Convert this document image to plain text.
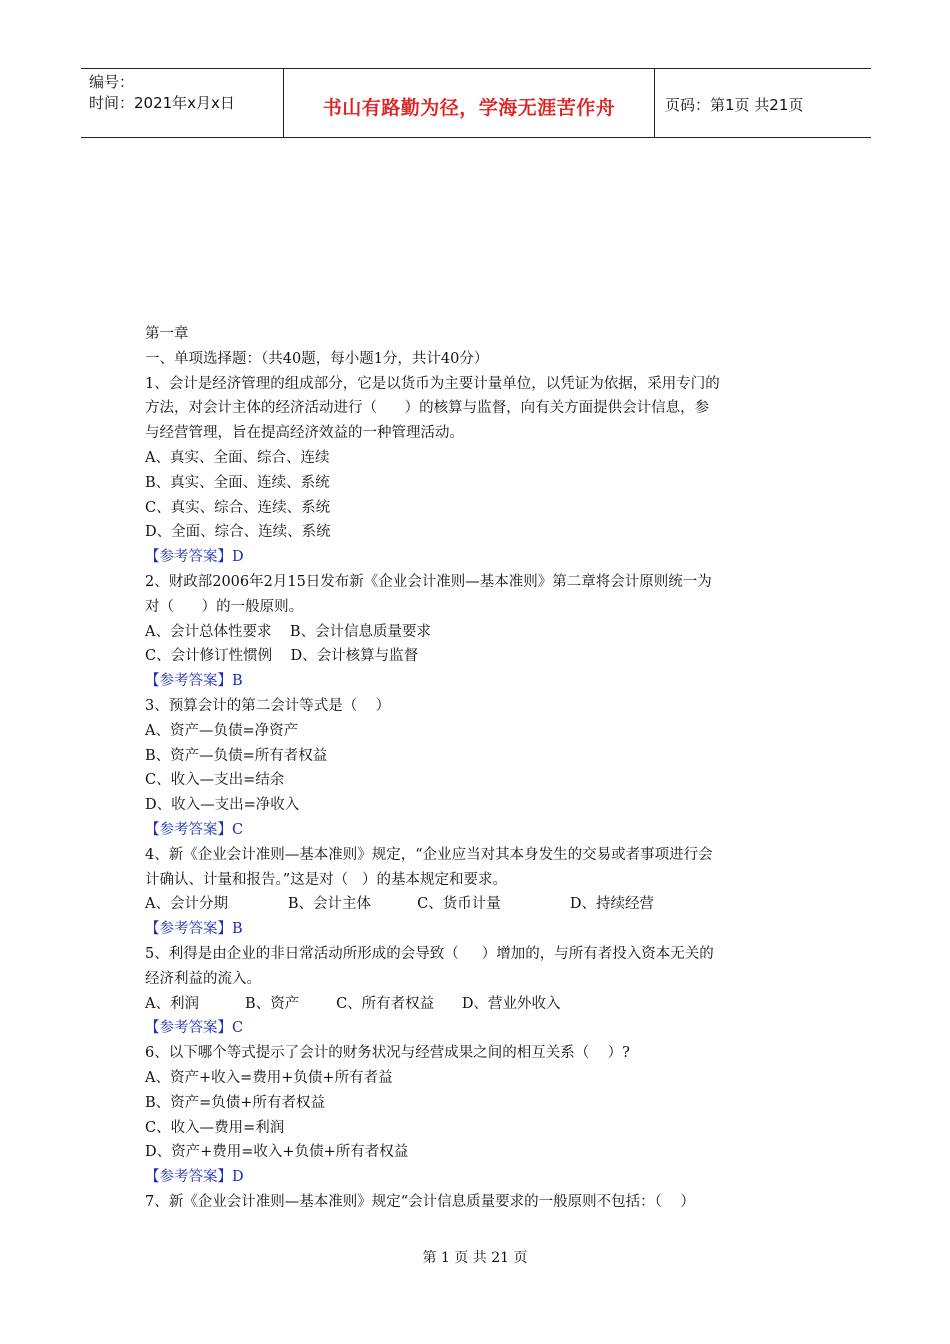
编号：
时间：2021年x月x日	书山有路勤为径，学海无涯苦作舟	页码：第1页 共21页

第一章

一、单项选择题：（共40题，每小题1分，共计40分）

1、会计是经济管理的组成部分，它是以货币为主要计量单位，以凭证为依据，采用专门的

方法，对会计主体的经济活动进行（      ）的核算与监督，向有关方面提供会计信息，参

与经营管理，旨在提高经济效益的一种管理活动。

A、真实、全面、综合、连续

B、真实、全面、连续、系统

C、真实、综合、连续、系统

D、全面、综合、连续、系统

【参考答案】D

2、财政部2006年2月15日发布新《企业会计准则—基本准则》第二章将会计原则统一为

对（      ）的一般原则。

A、会计总体性要求    B、会计信息质量要求

C、会计修订性惯例    D、会计核算与监督

【参考答案】B

3、预算会计的第二会计等式是（    ）

A、资产—负债=净资产

B、资产—负债=所有者权益

C、收入—支出=结余

D、收入—支出=净收入

【参考答案】C

4、新《企业会计准则—基本准则》规定，“企业应当对其本身发生的交易或者事项进行会

计确认、计量和报告。”这是对（   ）的基本规定和要求。

A、会计分期             B、会计主体          C、货币计量               D、持续经营

【参考答案】B

5、利得是由企业的非日常活动所形成的会导致（     ）增加的，与所有者投入资本无关的

经济利益的流入。

A、利润          B、资产        C、所有者权益      D、营业外收入

【参考答案】C

6、以下哪个等式提示了会计的财务状况与经营成果之间的相互关系（    ）?

A、资产+收入=费用+负债+所有者益

B、资产=负债+所有者权益

C、收入—费用=利润

D、资产+费用=收入+负债+所有者权益

【参考答案】D

7、新《企业会计准则—基本准则》规定“会计信息质量要求的一般原则不包括：（    ）

第 1 页 共 21 页
